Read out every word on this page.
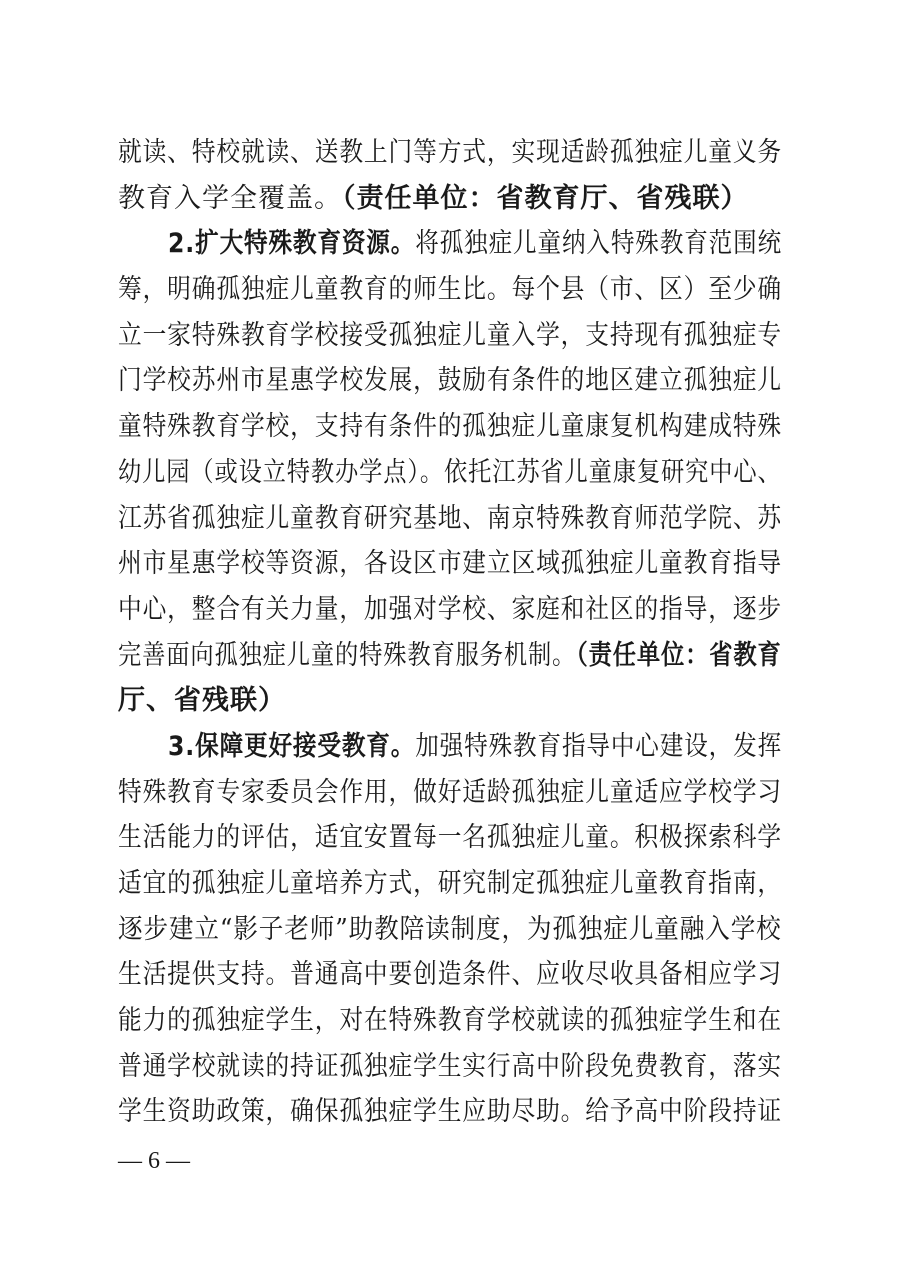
就读、特校就读、送教上门等方式，实现适龄孤独症儿童义务
教育入学全覆盖。（责任单位：省教育厅、省残联）
2.扩大特殊教育资源。将孤独症儿童纳入特殊教育范围统
筹，明确孤独症儿童教育的师生比。每个县（市、区）至少确
立一家特殊教育学校接受孤独症儿童入学，支持现有孤独症专
门学校苏州市星惠学校发展，鼓励有条件的地区建立孤独症儿
童特殊教育学校，支持有条件的孤独症儿童康复机构建成特殊
幼儿园（或设立特教办学点）。依托江苏省儿童康复研究中心、
江苏省孤独症儿童教育研究基地、南京特殊教育师范学院、苏
州市星惠学校等资源，各设区市建立区域孤独症儿童教育指导
中心，整合有关力量，加强对学校、家庭和社区的指导，逐步
完善面向孤独症儿童的特殊教育服务机制。（责任单位：省教育
厅、省残联）
3.保障更好接受教育。加强特殊教育指导中心建设，发挥
特殊教育专家委员会作用，做好适龄孤独症儿童适应学校学习
生活能力的评估，适宜安置每一名孤独症儿童。积极探索科学
适宜的孤独症儿童培养方式，研究制定孤独症儿童教育指南，
逐步建立“影子老师”助教陪读制度，为孤独症儿童融入学校
生活提供支持。普通高中要创造条件、应收尽收具备相应学习
能力的孤独症学生，对在特殊教育学校就读的孤独症学生和在
普通学校就读的持证孤独症学生实行高中阶段免费教育，落实
学生资助政策，确保孤独症学生应助尽助。给予高中阶段持证
— 6 —
